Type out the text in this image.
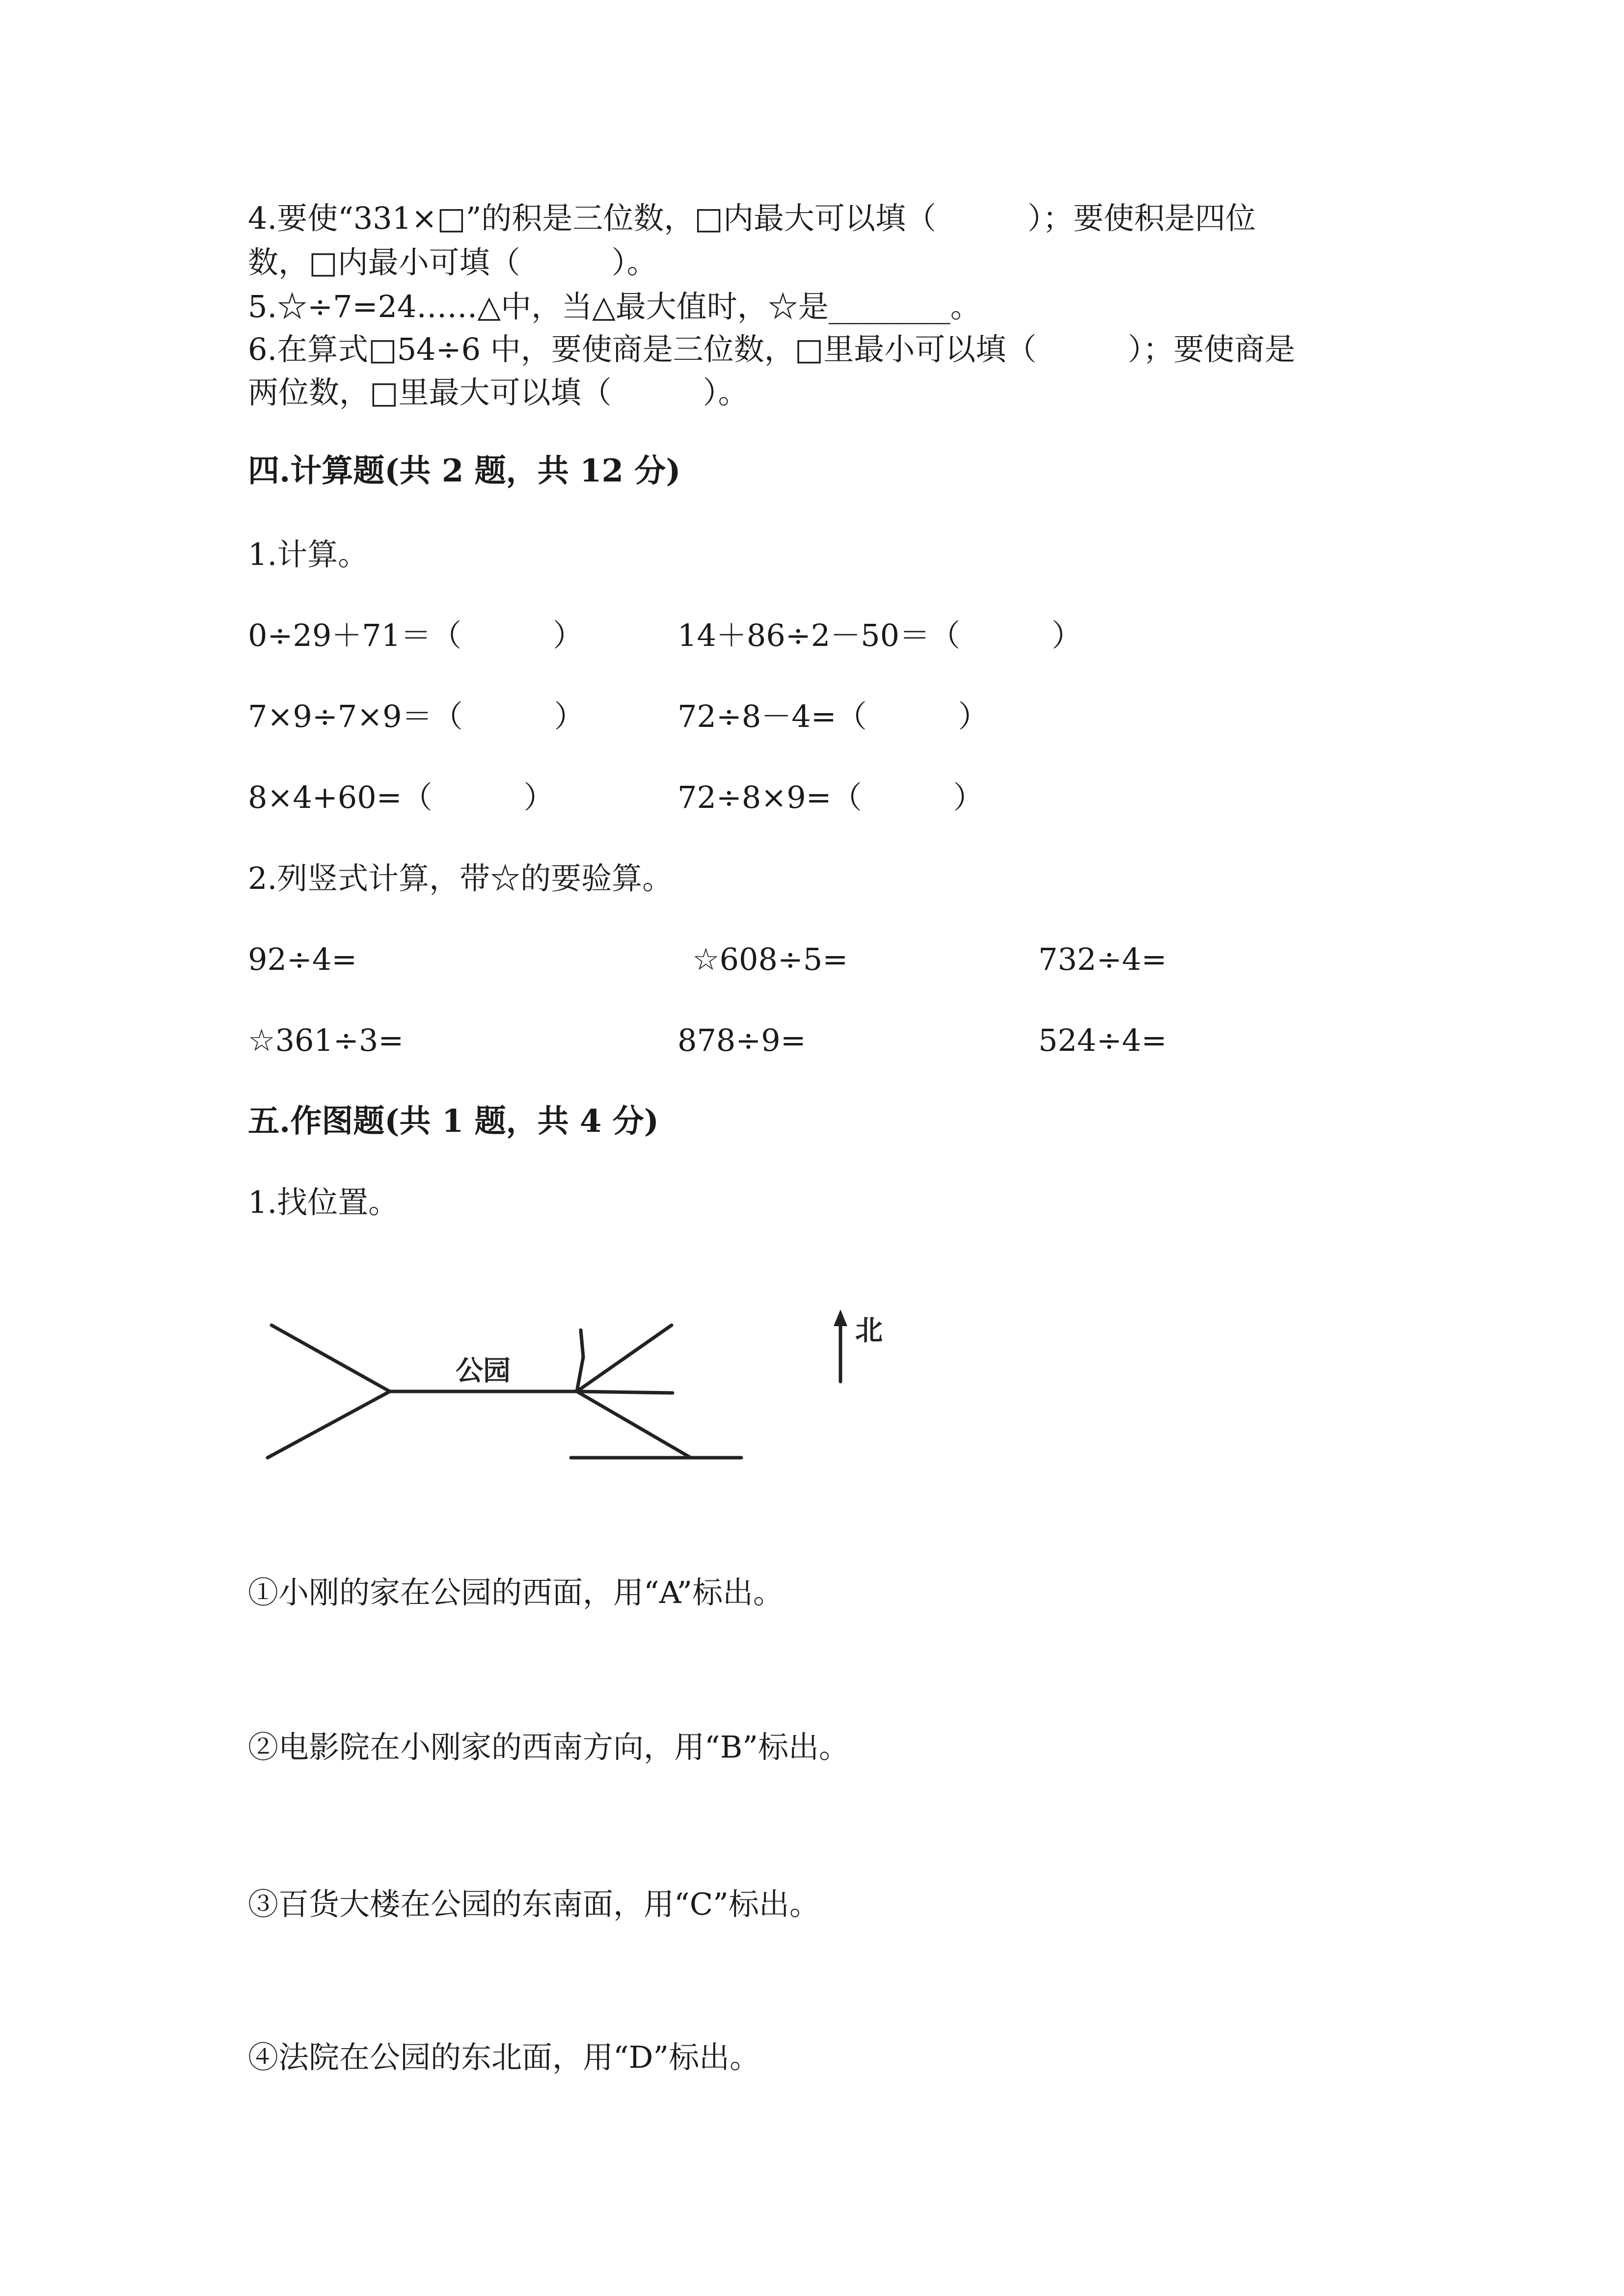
4.要使“331×□”的积是三位数，□内最大可以填（　　　）；要使积是四位
数，□内最小可填（　　　）。
5.☆÷7=24……△中，当△最大值时，☆是________。
6.在算式□54÷6 中，要使商是三位数，□里最小可以填（　　　）；要使商是
两位数，□里最大可以填（　　　）。
四.计算题(共 2 题，共 12 分)
1.计算。
0÷29＋71＝（　　　）	14＋86÷2－50＝（　　　）
7×9÷7×9＝（　　　）	72÷8－4=（　　　）
8×4+60=（　　　）	72÷8×9=（　　　）
2.列竖式计算，带☆的要验算。
92÷4=	☆608÷5=	732÷4=
☆361÷3=	878÷9=	524÷4=
五.作图题(共 1 题，共 4 分)
1.找位置。
公园
北
①小刚的家在公园的西面，用“A”标出。
②电影院在小刚家的西南方向，用“B”标出。
③百货大楼在公园的东南面，用“C”标出。
④法院在公园的东北面，用“D”标出。
